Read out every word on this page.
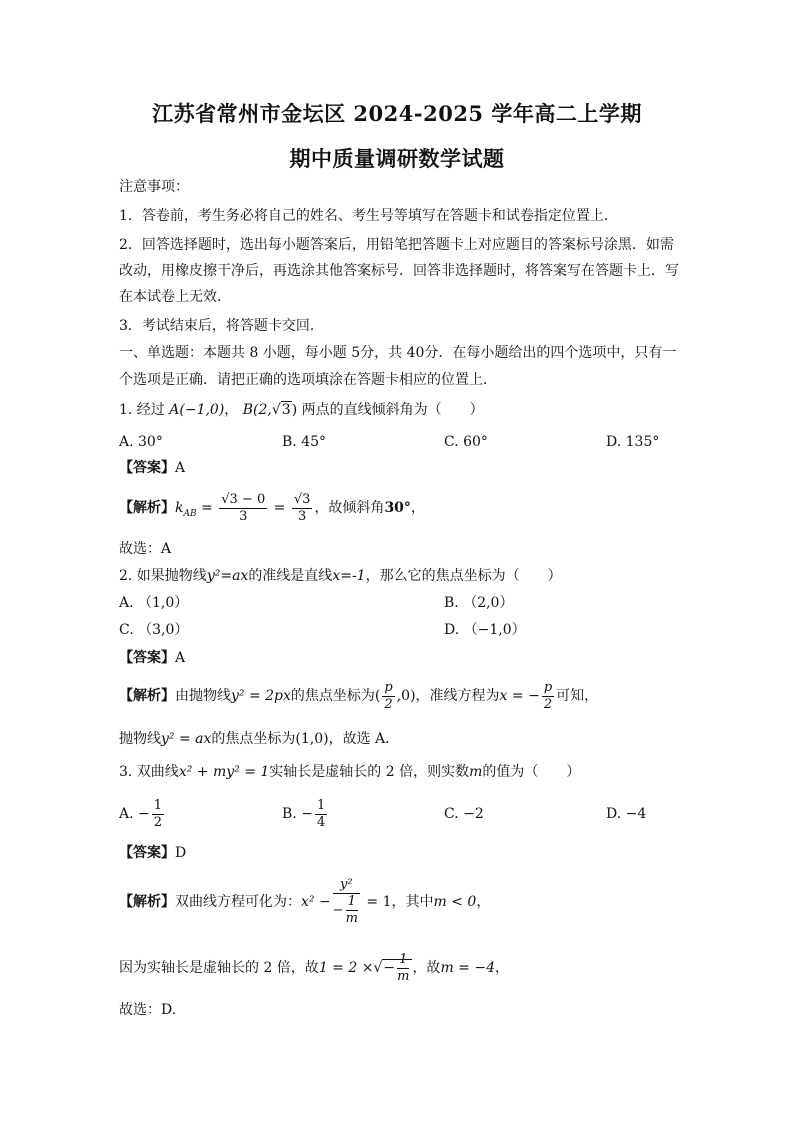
江苏省常州市金坛区 2024-2025 学年高二上学期
期中质量调研数学试题
注意事项：
1．答卷前，考生务必将自己的姓名、考生号等填写在答题卡和试卷指定位置上．
2．回答选择题时，选出每小题答案后，用铅笔把答题卡上对应题目的答案标号涂黑．如需
改动，用橡皮擦干净后，再选涂其他答案标号．回答非选择题时，将答案写在答题卡上．写
在本试卷上无效．
3．考试结束后，将答题卡交回．
一、单选题：本题共 8 小题，每小题 5分，共 40分．在每小题给出的四个选项中，只有一
个选项是正确．请把正确的选项填涂在答题卡相应的位置上．
1. 经过 A(−1,0)， B(2,√3) 两点的直线倾斜角为（　　）
A. 30°	B. 45°	C. 60°	D. 135°
【答案】A
【解析】$k_{AB} = \frac{√3 - 0}{3} = \frac{√3}{3}$ ，故倾斜角30°，
故选：A
2. 如果抛物线y²=ax的准线是直线x=-1，那么它的焦点坐标为（　　）
A. （1,0）	B. （2,0）
C. （3,0）	D. （−1,0）
【答案】A
【解析】由抛物线y² = 2px的焦点坐标为( $\frac{p}{2} ,0$)，准线方程为x = − $\frac{p}{2}$ 可知，
抛物线y² = ax的焦点坐标为(1,0)，故选 A．
3. 双曲线x² + my² = 1实轴长是虚轴长的 2 倍，则实数m的值为（　　）
A. − $\frac{1}{2}$	B. − $\frac{1}{4}$	C. −2	D. −4
【答案】D
【解析】双曲线方程可化为：$x^2 - \frac{\text{y²}}{- \frac{1}{m}} = 1$，其中m < 0，
因为实轴长是虚轴长的 2 倍，故1 = 2 ×√− $\frac{1}{m}$ ，故m = −4，
故选：D.
